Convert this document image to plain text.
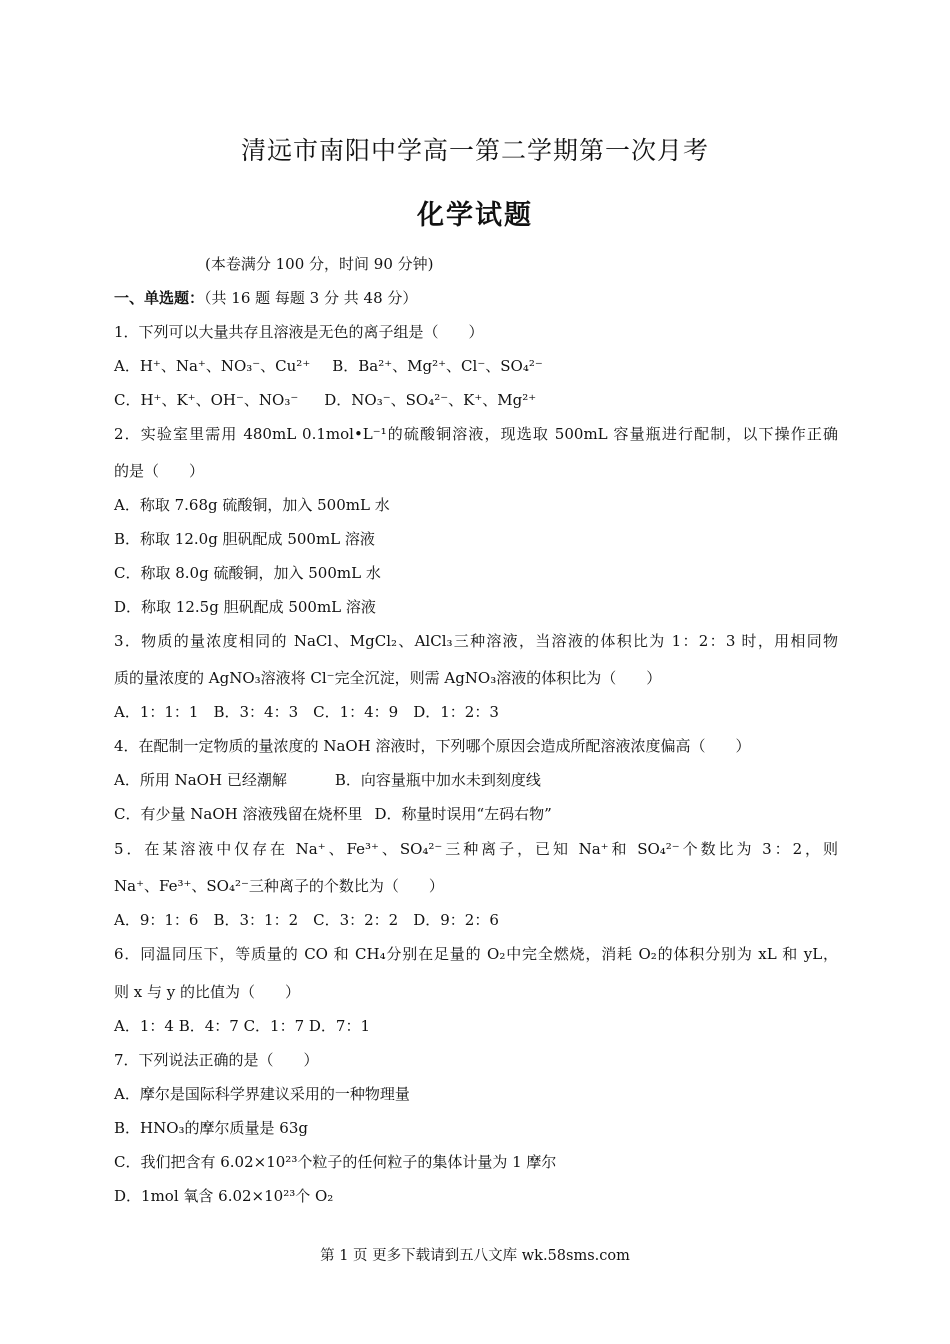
清远市南阳中学高一第二学期第一次月考
化学试题
(本卷满分 100 分，时间 90 分钟)
一、单选题：（共 16 题 每题 3 分 共 48 分）
1．下列可以大量共存且溶液是无色的离子组是（　　）
A．H⁺、Na⁺、NO₃⁻、Cu²⁺ B．Ba²⁺、Mg²⁺、Cl⁻、SO₄²⁻
C．H⁺、K⁺、OH⁻、NO₃⁻ D．NO₃⁻、SO₄²⁻、K⁺、Mg²⁺
2．实验室里需用 480mL 0.1mol•L⁻¹的硫酸铜溶液，现选取 500mL 容量瓶进行配制，以下操作正确
的是（　　）
A．称取 7.68g 硫酸铜，加入 500mL 水
B．称取 12.0g 胆矾配成 500mL 溶液
C．称取 8.0g 硫酸铜，加入 500mL 水
D．称取 12.5g 胆矾配成 500mL 溶液
3．物质的量浓度相同的 NaCl、MgCl₂、AlCl₃三种溶液，当溶液的体积比为 1：2：3 时，用相同物
质的量浓度的 AgNO₃溶液将 Cl⁻完全沉淀，则需 AgNO₃溶液的体积比为（　　）
A．1：1：1　B．3：4：3　C．1：4：9　D．1：2：3
4．在配制一定物质的量浓度的 NaOH 溶液时，下列哪个原因会造成所配溶液浓度偏高（　　）
A．所用 NaOH 已经潮解	B．向容量瓶中加水未到刻度线
C．有少量 NaOH 溶液残留在烧杯里 D．称量时误用“左码右物”
5．在某溶液中仅存在 Na⁺、Fe³⁺、SO₄²⁻三种离子，已知 Na⁺和 SO₄²⁻个数比为 3：2，则
Na⁺、Fe³⁺、SO₄²⁻三种离子的个数比为（　　）
A．9：1：6　B．3：1：2　C．3：2：2　D．9：2：6
6．同温同压下，等质量的 CO 和 CH₄分别在足量的 O₂中完全燃烧，消耗 O₂的体积分别为 xL 和 yL，
则 x 与 y 的比值为（　　）
A．1：4 B．4：7 C．1：7 D．7：1
7．下列说法正确的是（　　）
A．摩尔是国际科学界建议采用的一种物理量
B．HNO₃的摩尔质量是 63g
C．我们把含有 6.02×10²³个粒子的任何粒子的集体计量为 1 摩尔
D．1mol 氧含 6.02×10²³个 O₂
第 1 页 更多下载请到五八文库 wk.58sms.com
